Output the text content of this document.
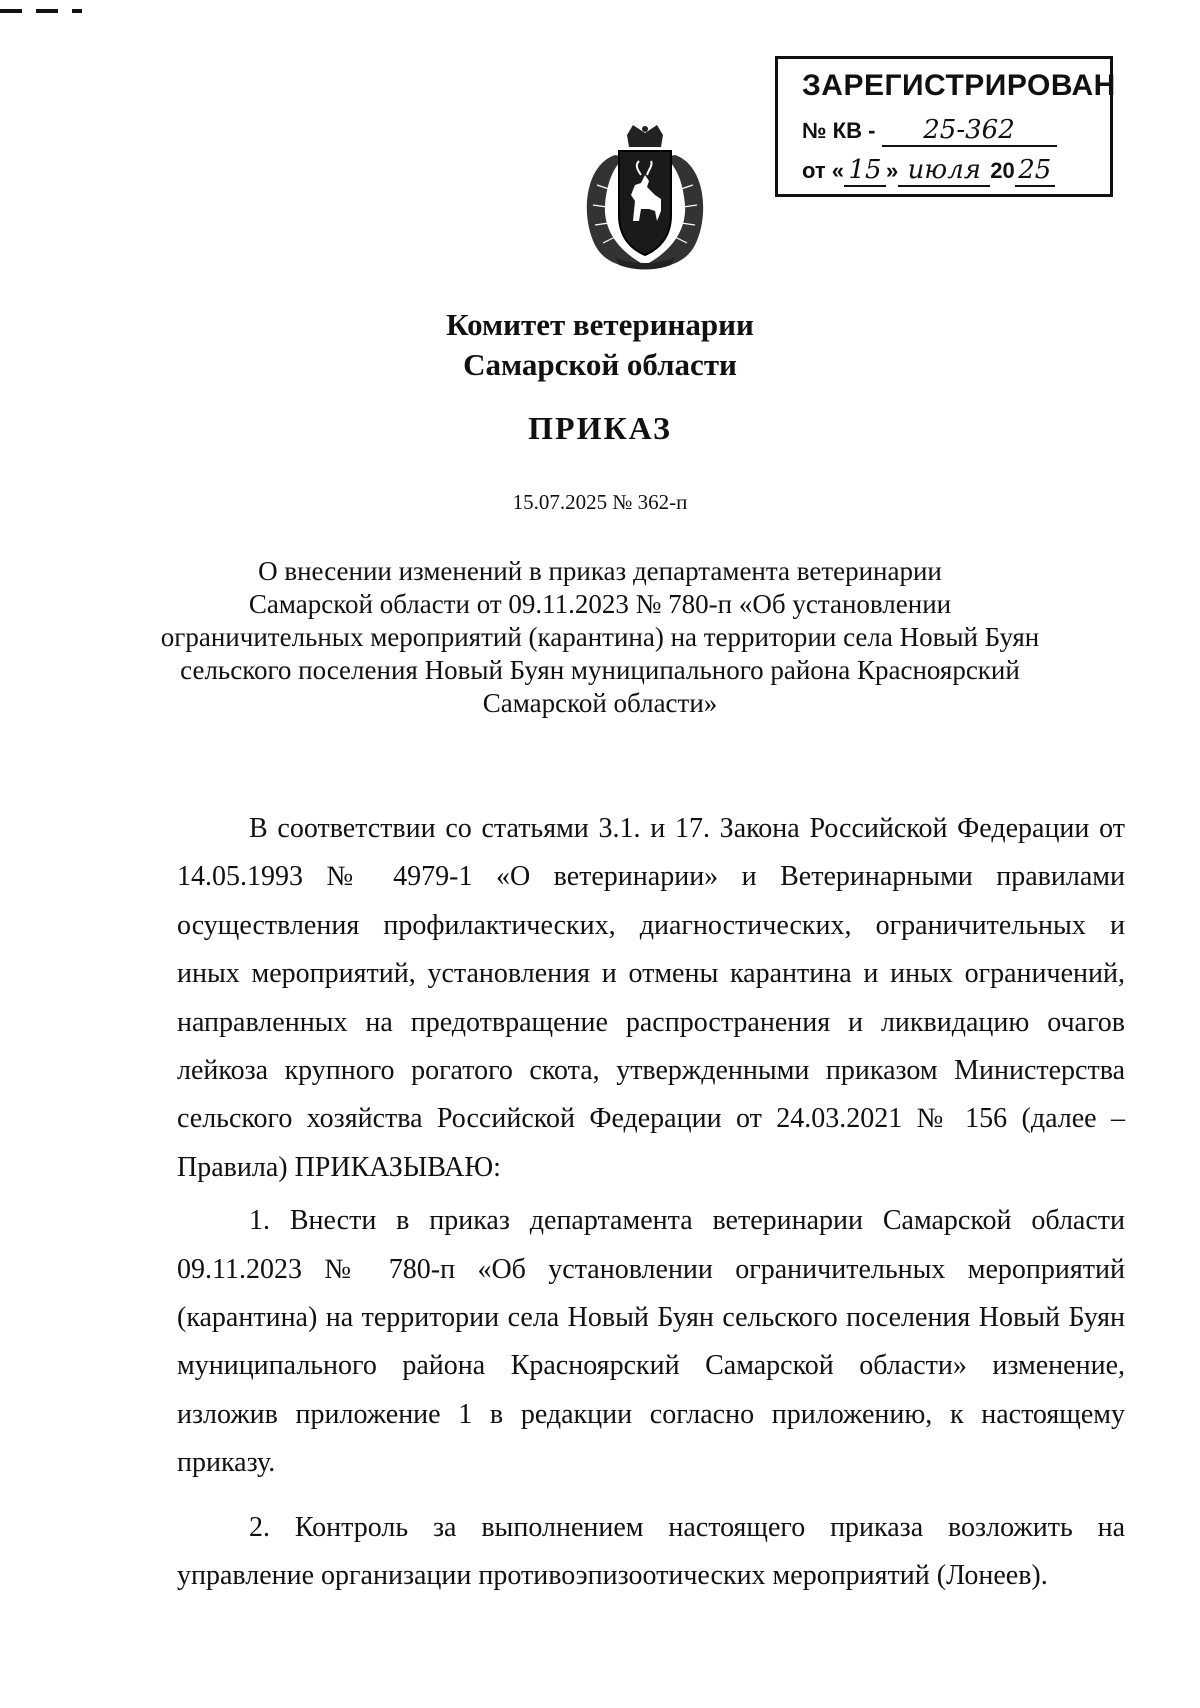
ЗАРЕГИСТРИРОВАН
№ КВ - 25-362
от « 15 » июля 20 25
Комитет ветеринарии
Самарской области
ПРИКАЗ
15.07.2025 № 362-п
О внесении изменений в приказ департамента ветеринарии
Самарской области от 09.11.2023 № 780-п «Об установлении
ограничительных мероприятий (карантина) на территории села Новый Буян
сельского поселения Новый Буян муниципального района Красноярский
Самарской области»

В соответствии со статьями 3.1. и 17. Закона Российской Федерации от 14.05.1993 № 4979-1 «О ветеринарии» и Ветеринарными правилами осуществления профилактических, диагностических, ограничительных и иных мероприятий, установления и отмены карантина и иных ограничений, направленных на предотвращение распространения и ликвидацию очагов лейкоза крупного рогатого скота, утвержденными приказом Министерства сельского хозяйства Российской Федерации от 24.03.2021 № 156 (далее – Правила) ПРИКАЗЫВАЮ:

1. Внести в приказ департамента ветеринарии Самарской области 09.11.2023 № 780-п «Об установлении ограничительных мероприятий (карантина) на территории села Новый Буян сельского поселения Новый Буян муниципального района Красноярский Самарской области» изменение, изложив приложение 1 в редакции согласно приложению, к настоящему приказу.

2. Контроль за выполнением настоящего приказа возложить на управление организации противоэпизоотических мероприятий (Лонеев).
